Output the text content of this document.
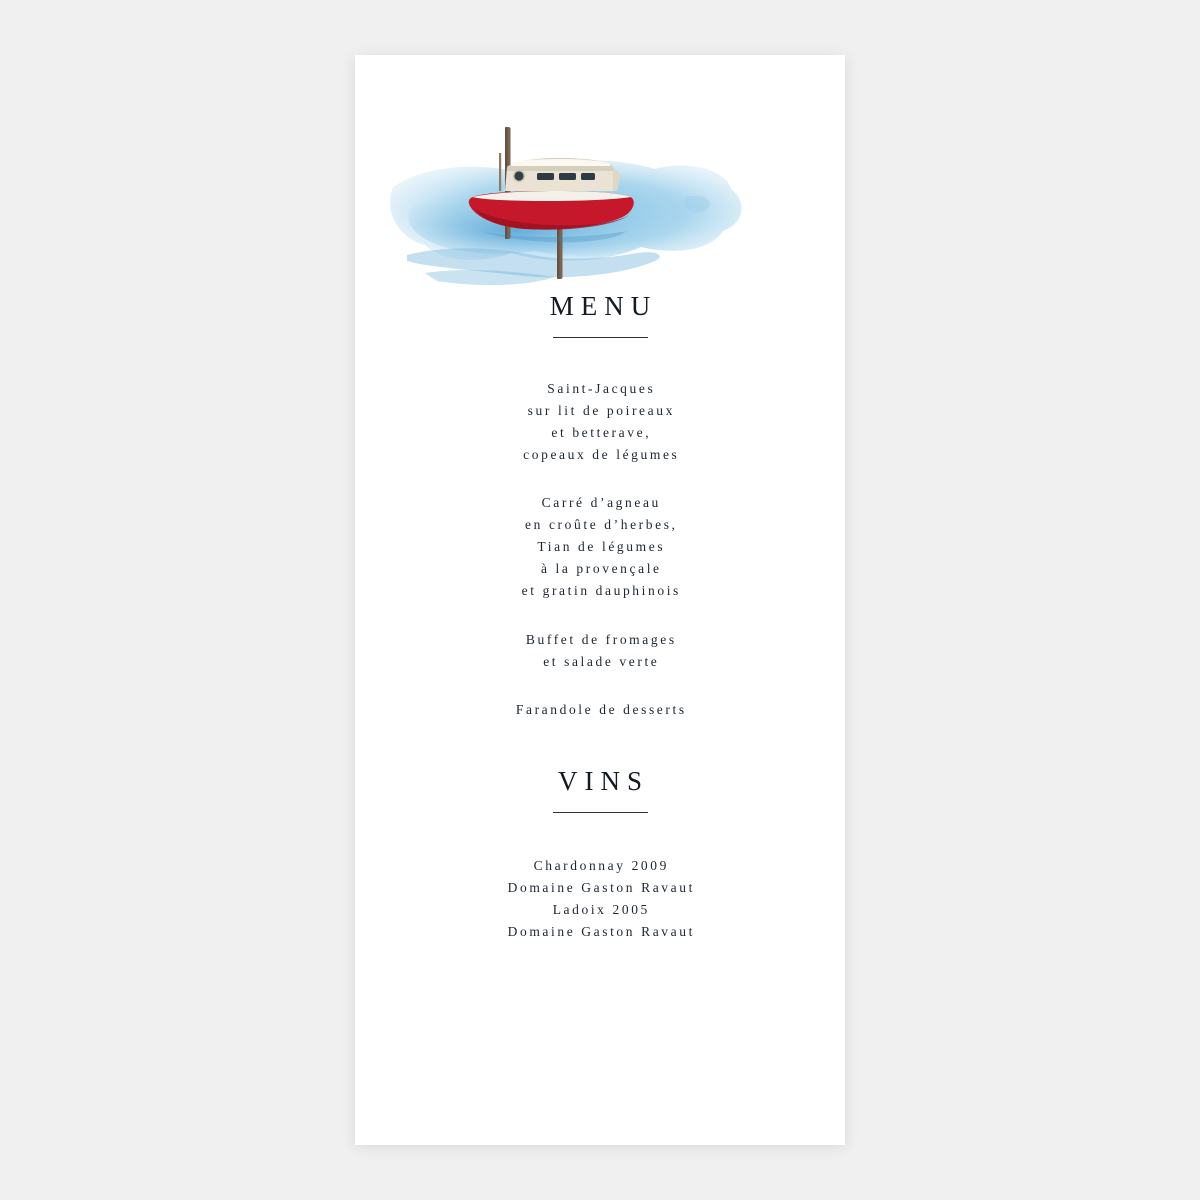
MENU
Saint-Jacques
sur lit de poireaux
et betterave,
copeaux de légumes
Carré d’agneau
en croûte d’herbes,
Tian de légumes
à la provençale
et gratin dauphinois
Buffet de fromages
et salade verte
Farandole de desserts
VINS
Chardonnay 2009
Domaine Gaston Ravaut
Ladoix 2005
Domaine Gaston Ravaut
